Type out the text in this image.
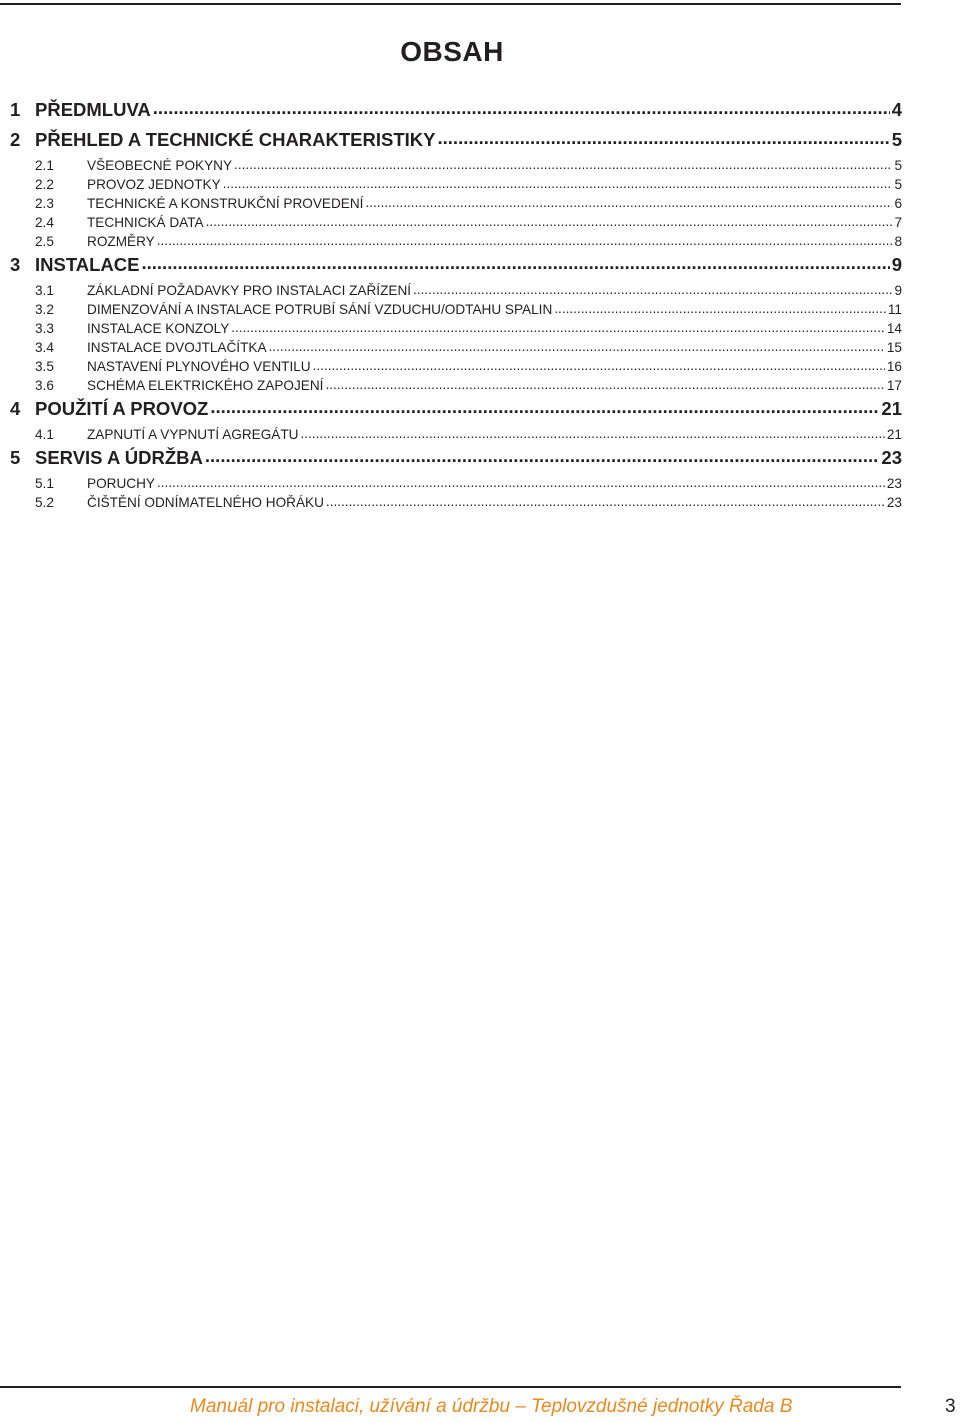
OBSAH
1 PŘEDMLUVA .....	4
2 PŘEHLED A TECHNICKÉ CHARAKTERISTIKY .....	5
2.1	VŠEOBECNÉ POKYNY .....	5
2.2	PROVOZ JEDNOTKY .....	5
2.3	TECHNICKÉ A KONSTRUKČNÍ PROVEDENÍ .....	6
2.4	TECHNICKÁ DATA .....	7
2.5	ROZMĚRY .....	8
3 INSTALACE .....	9
3.1	ZÁKLADNÍ POŽADAVKY PRO INSTALACI ZAŘÍZENÍ .....	9
3.2	DIMENZOVÁNÍ A INSTALACE POTRUBÍ SÁNÍ VZDUCHU/ODTAHU SPALIN .....	11
3.3	INSTALACE KONZOLY .....	14
3.4	INSTALACE DVOJTLAČÍTKA .....	15
3.5	NASTAVENÍ PLYNOVÉHO VENTILU .....	16
3.6	SCHÉMA ELEKTRICKÉHO ZAPOJENÍ .....	17
4 POUŽITÍ A PROVOZ .....	21
4.1	ZAPNUTÍ A VYPNUTÍ AGREGÁTU .....	21
5 SERVIS A ÚDRŽBA .....	23
5.1	PORUCHY .....	23
5.2	ČIŠTĚNÍ ODNÍMATELNÉHO HOŘÁKU .....	23
Manuál pro instalaci, užívání a údržbu – Teplovzdušné jednotky Řada B	3
